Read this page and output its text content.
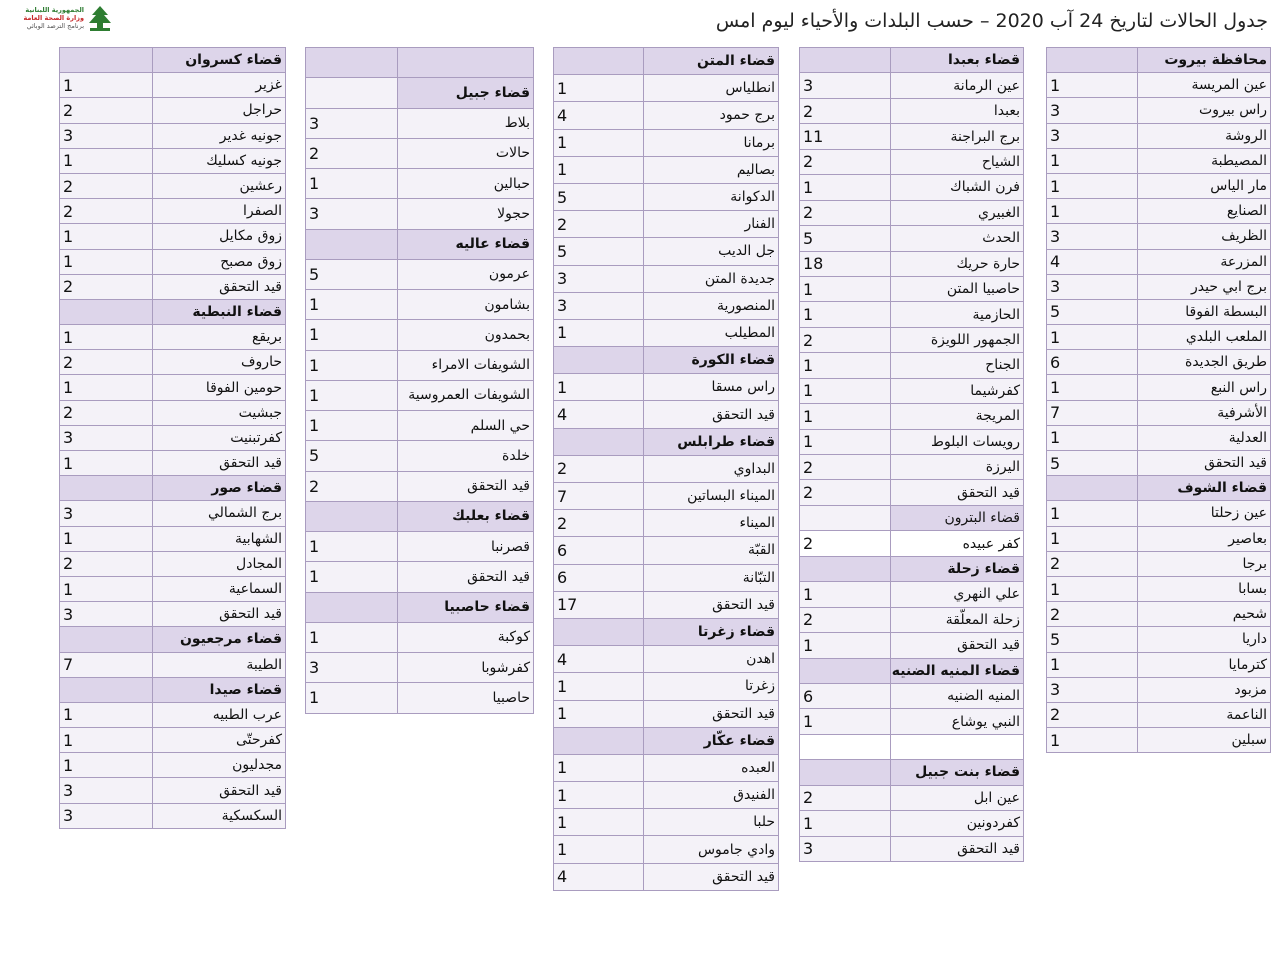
الجمهورية اللبنانية
وزارة الصحة العامة
برنامج الترصد الوبائي	جدول الحالات لتاريخ 24 آب 2020 – حسب البلدات والأحياء ليوم امس
محافظة بيروت	
عين المريسة	1
راس بيروت	3
الروشة	3
المصيطبة	1
مار الياس	1
الصنايع	1
الظريف	3
المزرعة	4
برج ابي حيدر	3
البسطة الفوقا	5
الملعب البلدي	1
طريق الجديدة	6
راس النبع	1
الأشرفية	7
العدلية	1
قيد التحقق	5
قضاء الشوف	
عين زحلتا	1
بعاصير	1
برجا	2
بسابا	1
شحيم	2
داريا	5
كترمايا	1
مزبود	3
الناعمة	2
سبلين	1
قضاء بعبدا	
عين الرمانة	3
بعبدا	2
برج البراجنة	11
الشياح	2
فرن الشباك	1
الغبيري	2
الحدث	5
حارة حريك	18
حاصبيا المتن	1
الحازمية	1
الجمهور اللويزة	2
الجناح	1
كفرشيما	1
المريجة	1
رويسات البلوط	1
اليرزة	2
قيد التحقق	2
قضاء البترون	
كفر عبيده	2
قضاء زحلة	
علي النهري	1
زحلة المعلّقة	2
قيد التحقق	1
قضاء المنيه الضنيه	
المنيه الضنيه	6
النبي يوشاع	1

قضاء بنت جبيل	
عين ابل	2
كفردونين	1
قيد التحقق	3
قضاء المتن	
انطلياس	1
برج حمود	4
برمانا	1
بصاليم	1
الدكوانة	5
الفنار	2
جل الديب	5
جديدة المتن	3
المنصورية	3
المطيلب	1
قضاء الكورة	
راس مسقا	1
قيد التحقق	4
قضاء طرابلس	
البداوي	2
الميناء البساتين	7
الميناء	2
القبّة	6
التبّانة	6
قيد التحقق	17
قضاء زغرتا	
اهدن	4
زغرتا	1
قيد التحقق	1
قضاء عكّار	
العبده	1
الفنيدق	1
حلبا	1
وادي جاموس	1
قيد التحقق	4

قضاء جبيل	
بلاط	3
حالات	2
حبالين	1
حجولا	3
قضاء عاليه	
عرمون	5
بشامون	1
بحمدون	1
الشويفات الامراء	1
الشويفات العمروسية	1
حي السلم	1
خلدة	5
قيد التحقق	2
قضاء بعلبك	
قصرنبا	1
قيد التحقق	1
قضاء حاصبيا	
كوكبة	1
كفرشوبا	3
حاصبيا	1
قضاء كسروان	
غزير	1
حراجل	2
جونيه غدير	3
جونيه كسليك	1
رعشين	2
الصفرا	2
زوق مكايل	1
زوق مصبح	1
قيد التحقق	2
قضاء النبطية	
بريقع	1
حاروف	2
حومين الفوقا	1
جبشيت	2
كفرتبنيت	3
قيد التحقق	1
قضاء صور	
برج الشمالي	3
الشهابية	1
المجادل	2
السماعية	1
قيد التحقق	3
قضاء مرجعيون	
الطيبة	7
قضاء صيدا	
عرب الطبيه	1
كفرحتّى	1
مجدليون	1
قيد التحقق	3
السكسكية	3
